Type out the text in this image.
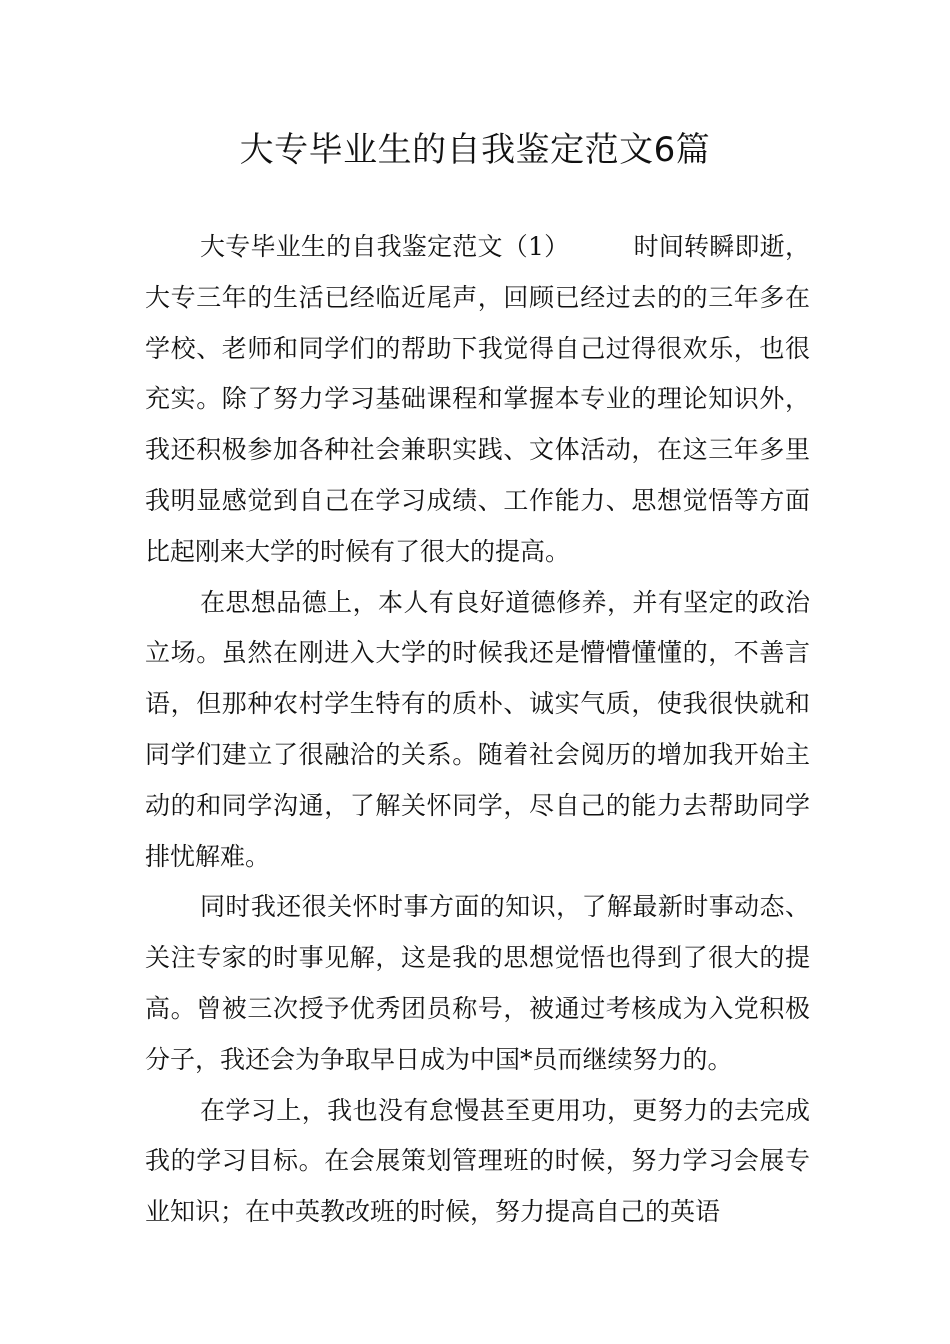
大专毕业生的自我鉴定范文6篇

大专毕业生的自我鉴定范文（1）	时间转瞬即逝，大专三年的生活已经临近尾声，回顾已经过去的的三年多在学校、老师和同学们的帮助下我觉得自己过得很欢乐，也很充实。除了努力学习基础课程和掌握本专业的理论知识外，我还积极参加各种社会兼职实践、文体活动，在这三年多里我明显感觉到自己在学习成绩、工作能力、思想觉悟等方面比起刚来大学的时候有了很大的提高。

在思想品德上，本人有良好道德修养，并有坚定的政治立场。虽然在刚进入大学的时候我还是懵懵懂懂的，不善言语，但那种农村学生特有的质朴、诚实气质，使我很快就和同学们建立了很融洽的关系。随着社会阅历的增加我开始主动的和同学沟通，了解关怀同学，尽自己的能力去帮助同学排忧解难。

同时我还很关怀时事方面的知识，了解最新时事动态、关注专家的时事见解，这是我的思想觉悟也得到了很大的提高。曾被三次授予优秀团员称号，被通过考核成为入党积极分子，我还会为争取早日成为中国*员而继续努力的。

在学习上，我也没有怠慢甚至更用功，更努力的去完成我的学习目标。在会展策划管理班的时候，努力学习会展专业知识；在中英教改班的时候，努力提高自己的英语
